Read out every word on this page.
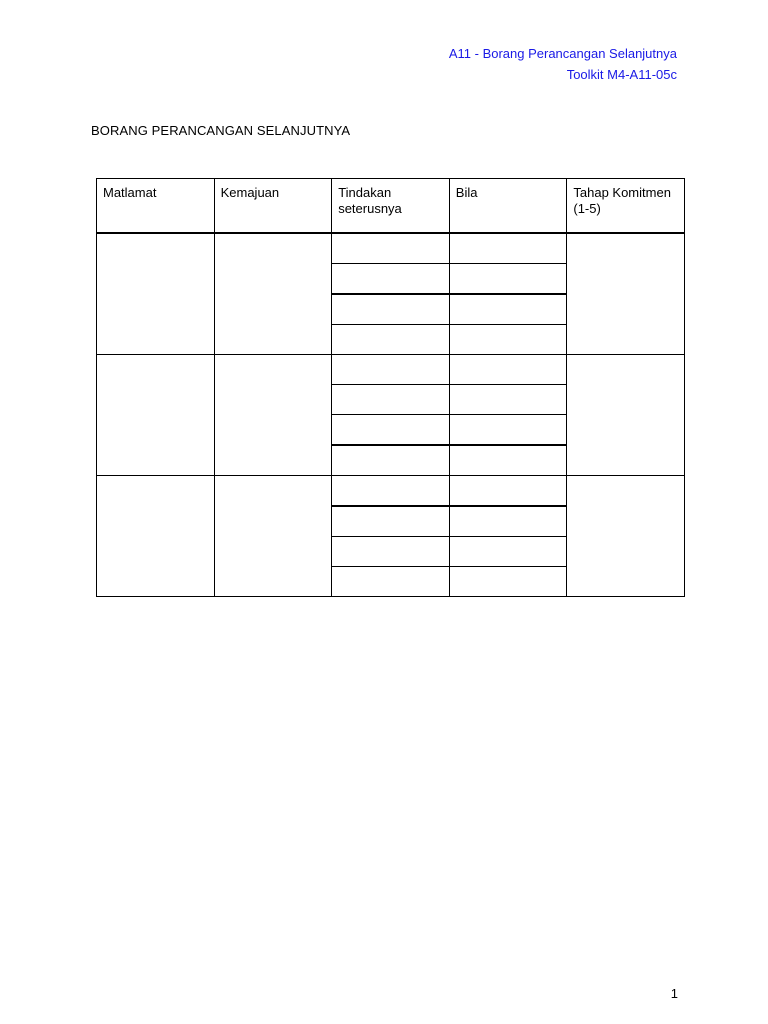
A11 - Borang Perancangan Selanjutnya
Toolkit M4-A11-05c
BORANG PERANCANGAN SELANJUTNYA
Matlamat	Kemajuan	Tindakan seterusnya	Bila	Tahap Komitmen (1-5)

1
